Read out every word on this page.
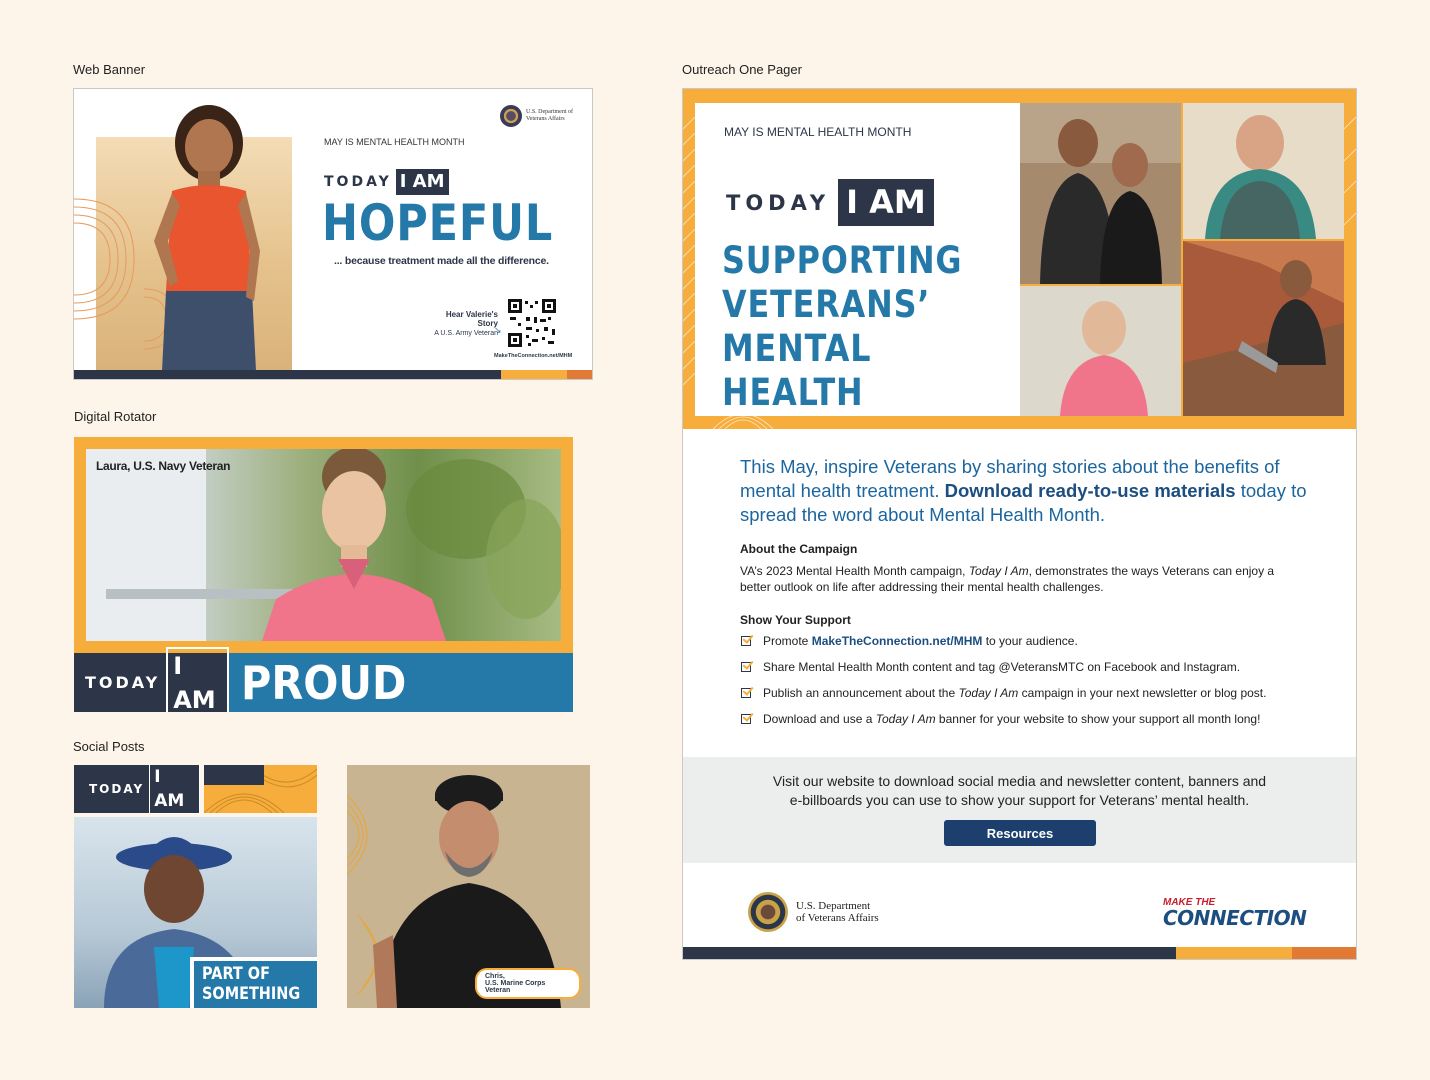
Web Banner
Digital Rotator
Social Posts
Outreach One Pager
U.S. Department of Veterans Affairs
MAY IS MENTAL HEALTH MONTH
TODAY I AM
HOPEFUL
... because treatment made all the difference.
Hear Valerie's Story
A U.S. Army Veteran
↘
MakeTheConnection.net/MHM
Laura, U.S. Navy Veteran
TODAY
I AM PROUD
TODAY
I AM
PART OF
SOMETHING
Chris,
U.S. Marine Corps Veteran
MAY IS MENTAL HEALTH MONTH
TODAY I AM
SUPPORTING
VETERANS’
MENTAL HEALTH
This May, inspire Veterans by sharing stories about the benefits of mental health treatment. Download ready-to-use materials today to spread the word about Mental Health Month.
About the Campaign
VA’s 2023 Mental Health Month campaign, Today I Am, demonstrates the ways Veterans can enjoy a better outlook on life after addressing their mental health challenges.
Show Your Support
Promote
MakeTheConnection.net/MHM
to your audience.
Share Mental Health Month content and tag @VeteransMTC on Facebook and Instagram.
Publish an announcement about the
Today I Am
campaign in your next newsletter or blog post.
Download and use a
Today I Am
banner for your website to show your support all month long!
Visit our website to download social media and newsletter content, banners and
e-billboards you can use to show your support for Veterans’ mental health.
Resources
U.S. Department
of Veterans Affairs
MAKE THE
CONNECTION
